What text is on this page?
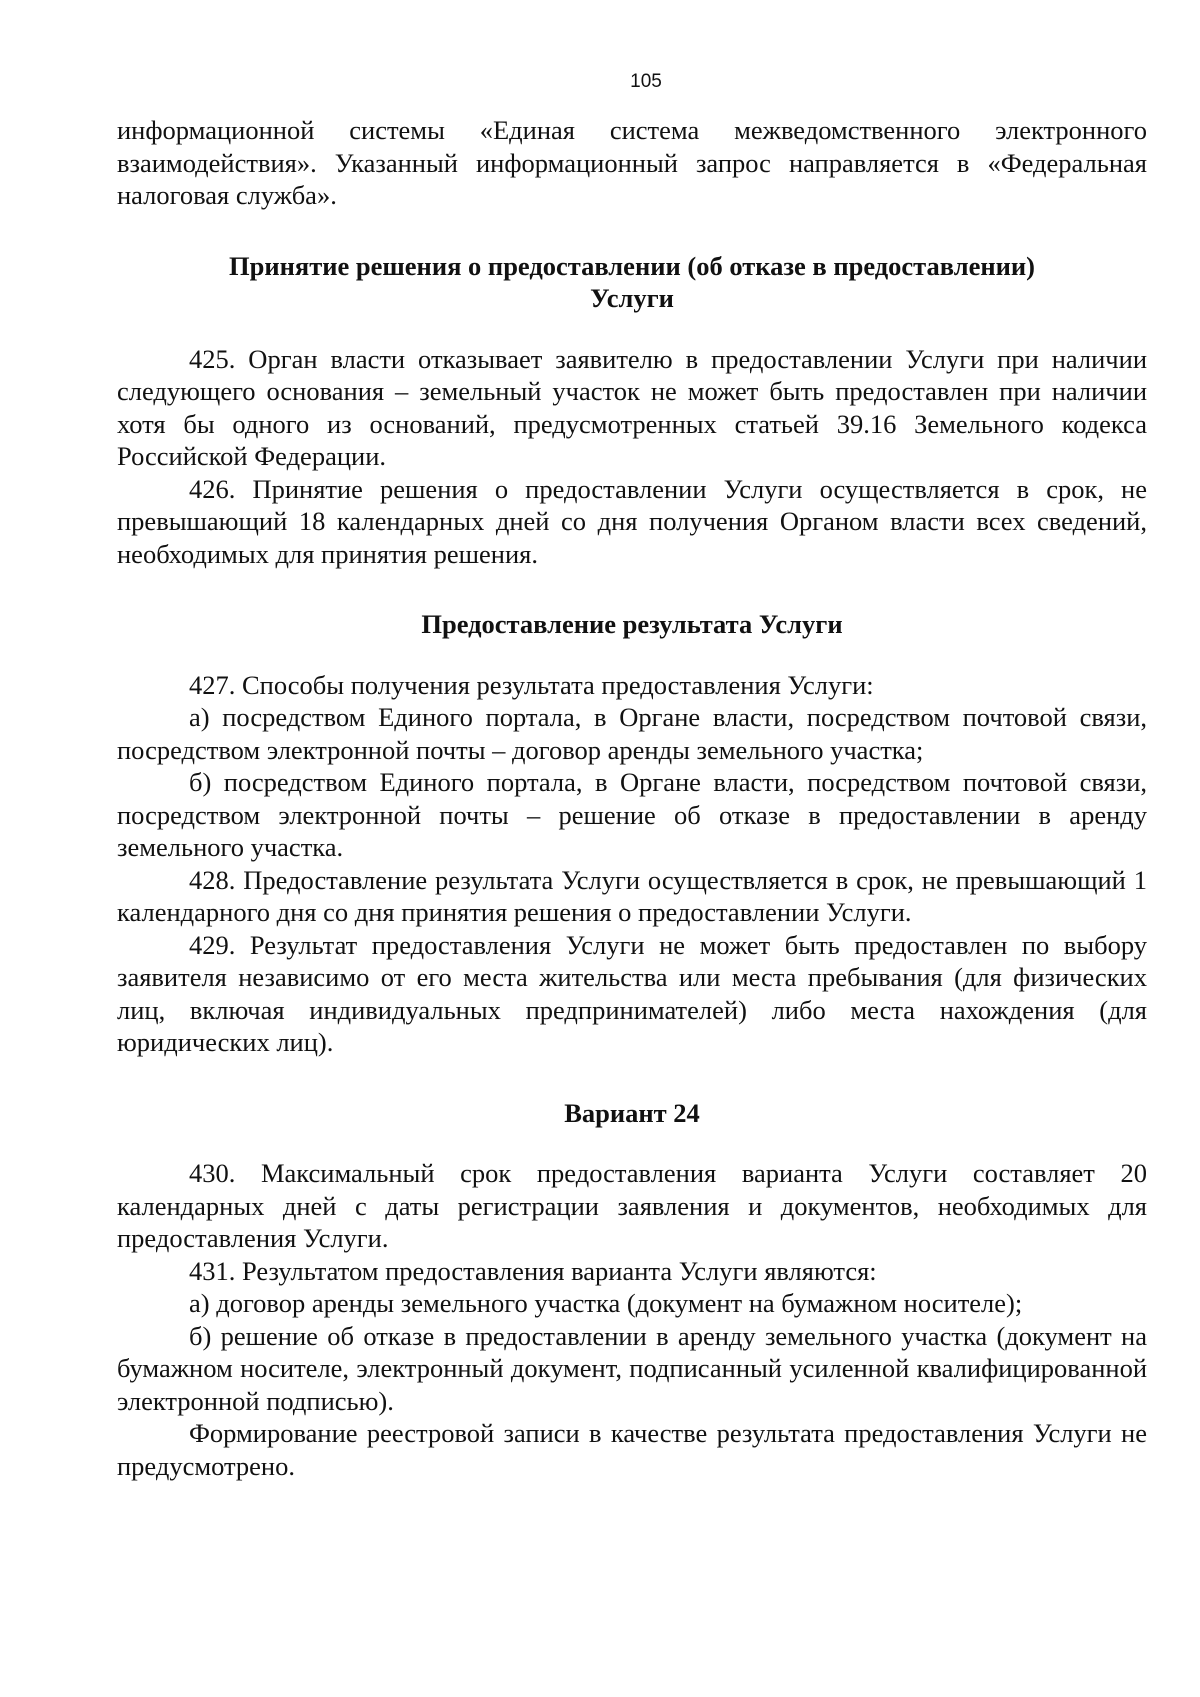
105

информационной системы «Единая система межведомственного электронного взаимодействия». Указанный информационный запрос направляется в «Федеральная налоговая служба».

Принятие решения о предоставлении (об отказе в предоставлении)
Услуги

425. Орган власти отказывает заявителю в предоставлении Услуги при наличии следующего основания – земельный участок не может быть предоставлен при наличии хотя бы одного из оснований, предусмотренных статьей 39.16 Земельного кодекса Российской Федерации.

426. Принятие решения о предоставлении Услуги осуществляется в срок, не превышающий 18 календарных дней со дня получения Органом власти всех сведений, необходимых для принятия решения.

Предоставление результата Услуги

427. Способы получения результата предоставления Услуги:

а) посредством Единого портала, в Органе власти, посредством почтовой связи, посредством электронной почты – договор аренды земельного участка;

б) посредством Единого портала, в Органе власти, посредством почтовой связи, посредством электронной почты – решение об отказе в предоставлении в аренду земельного участка.

428. Предоставление результата Услуги осуществляется в срок, не превышающий 1 календарного дня со дня принятия решения о предоставлении Услуги.

429. Результат предоставления Услуги не может быть предоставлен по выбору заявителя независимо от его места жительства или места пребывания (для физических лиц, включая индивидуальных предпринимателей) либо места нахождения (для юридических лиц).

Вариант 24

430. Максимальный срок предоставления варианта Услуги составляет 20 календарных дней с даты регистрации заявления и документов, необходимых для предоставления Услуги.

431. Результатом предоставления варианта Услуги являются:

а) договор аренды земельного участка (документ на бумажном носителе);

б) решение об отказе в предоставлении в аренду земельного участка (документ на бумажном носителе, электронный документ, подписанный усиленной квалифицированной электронной подписью).

Формирование реестровой записи в качестве результата предоставления Услуги не предусмотрено.
